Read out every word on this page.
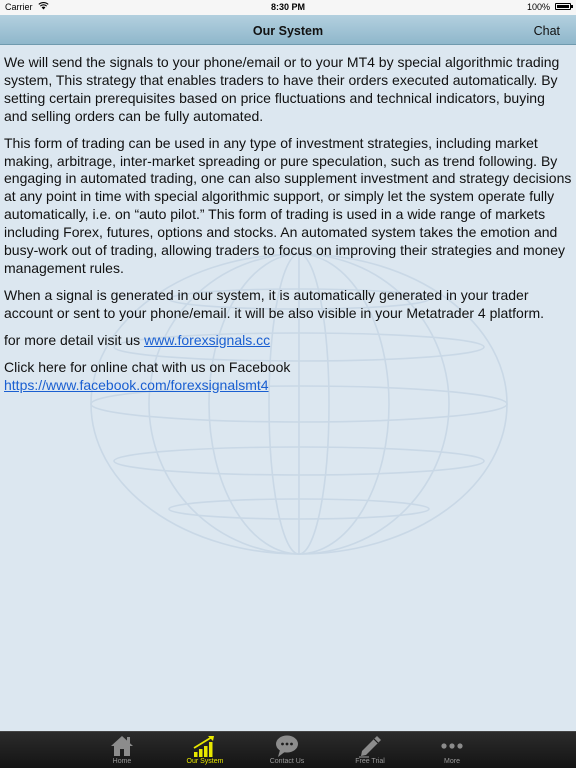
Carrier	8:30 PM	100%
Our System	Chat

We will send the signals to your phone/email or to your MT4 by special algorithmic trading system, This strategy that enables traders to have their orders executed automatically. By setting certain prerequisites based on price fluctuations and technical indicators, buying and selling orders can be fully automated.

This form of trading can be used in any type of investment strategies, including market making, arbitrage, inter-market spreading or pure speculation, such as trend following. By engaging in automated trading, one can also supplement investment and strategy decisions at any point in time with special algorithmic support, or simply let the system operate fully automatically, i.e. on “auto pilot.” This form of trading is used in a wide range of markets including Forex, futures, options and stocks. An automated system takes the emotion and busy-work out of trading, allowing traders to focus on improving their strategies and money management rules.

When a signal is generated in our system, it is automatically generated in your trader account or sent to your phone/email. it will be also visible in your Metatrader 4 platform.

for more detail visit us www.forexsignals.cc

Click here for online chat with us on Facebook
https://www.facebook.com/forexsignalsmt4

Home	Our System	Contact Us	Free Trial	More
